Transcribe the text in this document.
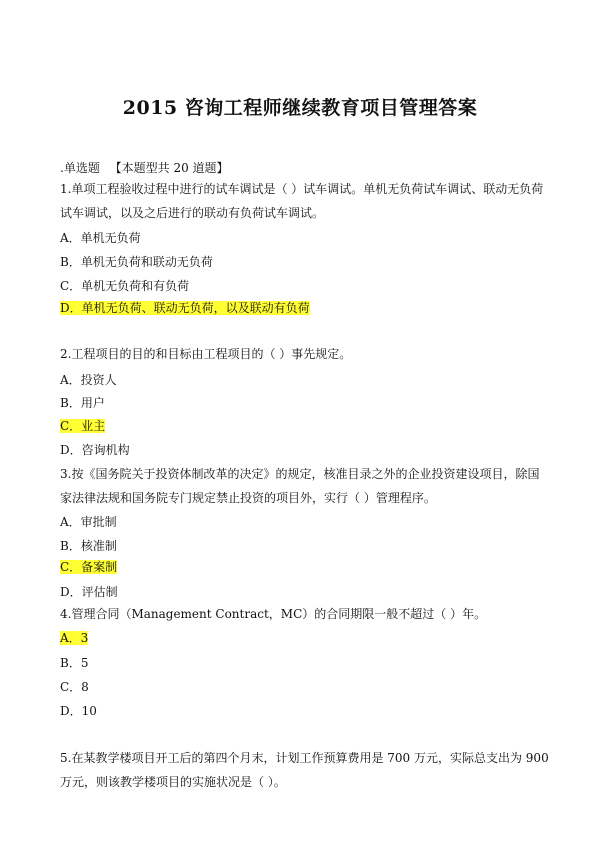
2015 咨询工程师继续教育项目管理答案
.单选题 【本题型共 20 道题】
1.单项工程验收过程中进行的试车调试是（ ）试车调试。单机无负荷试车调试、联动无负荷试车调试，以及之后进行的联动有负荷试车调试。
A．单机无负荷
B．单机无负荷和联动无负荷
C．单机无负荷和有负荷
D．单机无负荷、联动无负荷，以及联动有负荷
2.工程项目的目的和目标由工程项目的（ ）事先规定。
A．投资人
B．用户
C．业主
D．咨询机构
3.按《国务院关于投资体制改革的决定》的规定，核准目录之外的企业投资建设项目，除国家法律法规和国务院专门规定禁止投资的项目外，实行（ ）管理程序。
A．审批制
B．核准制
C．备案制
D．评估制
4.管理合同（Management Contract，MC）的合同期限一般不超过（ ）年。
A．3
B．5
C．8
D．10
5.在某教学楼项目开工后的第四个月末，计划工作预算费用是 700 万元，实际总支出为 900 万元，则该教学楼项目的实施状况是（ ）。
